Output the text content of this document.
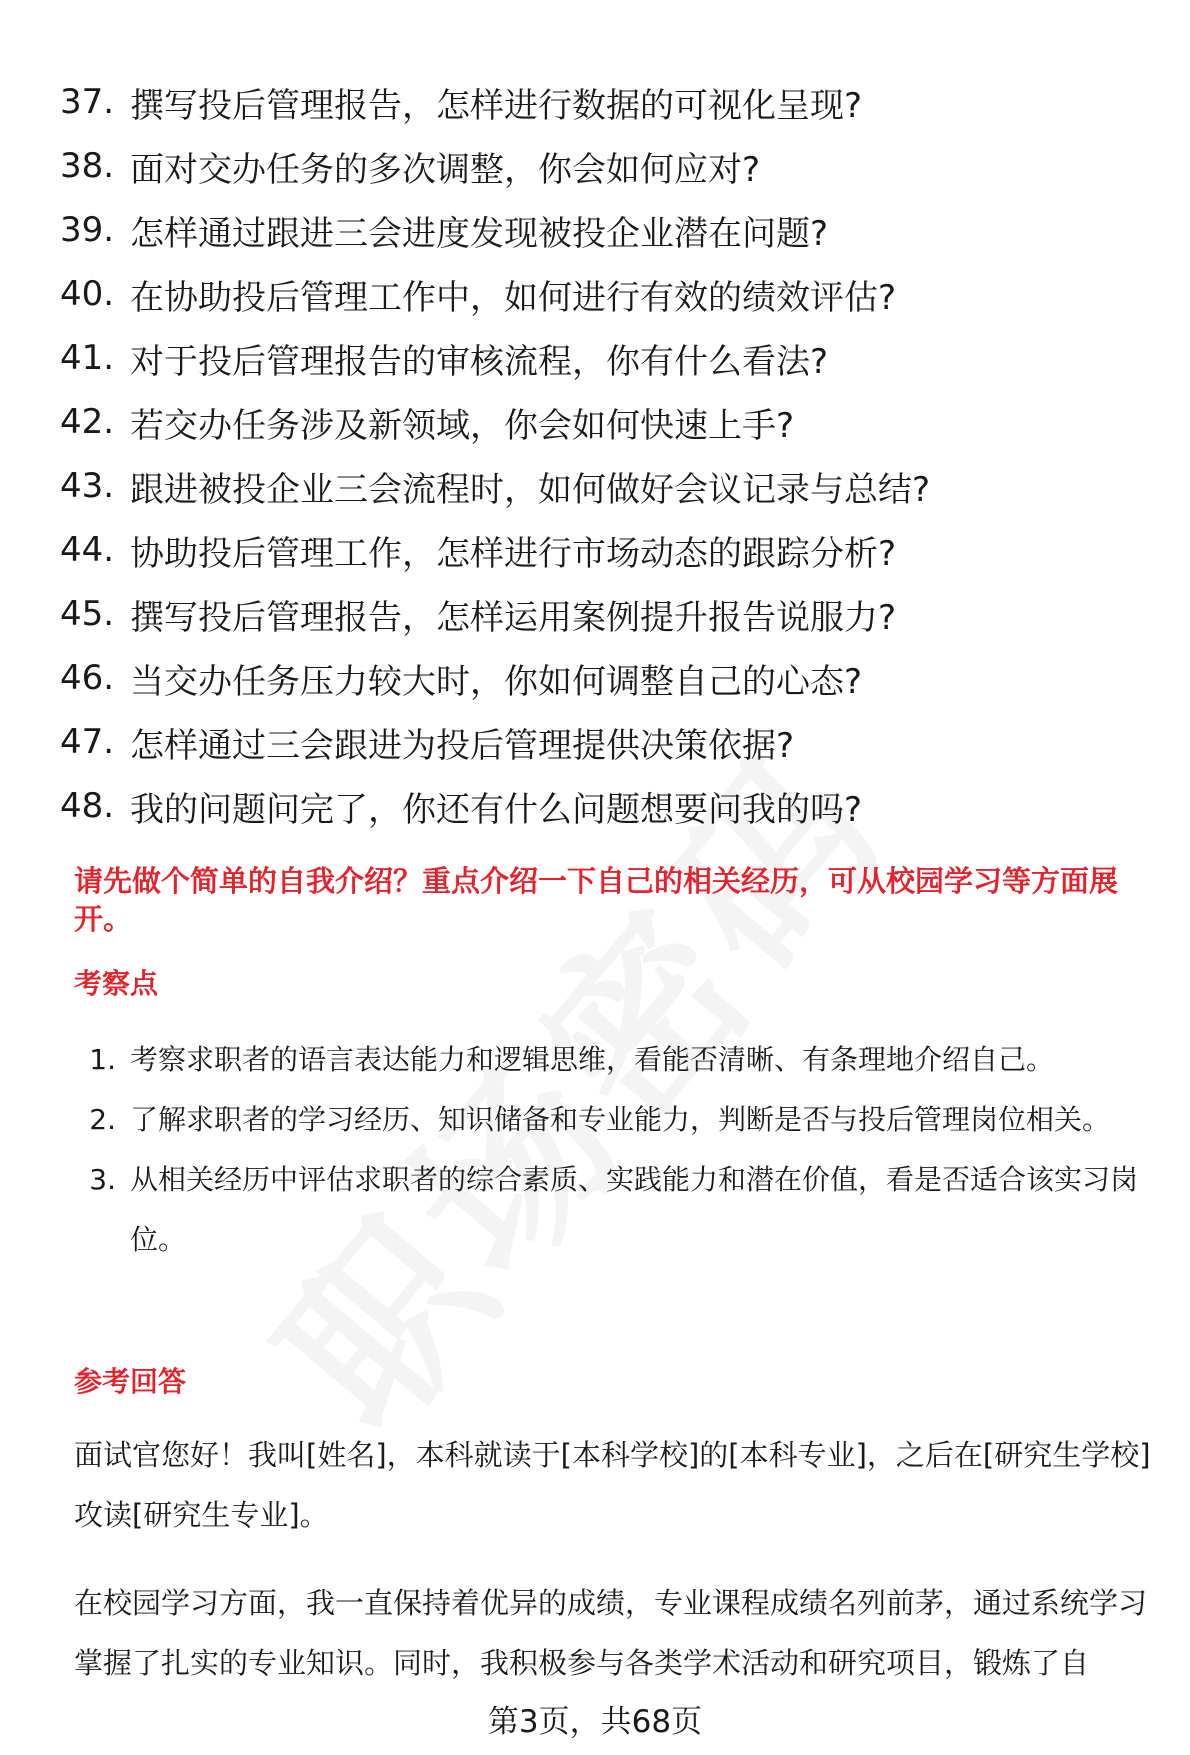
37. 撰写投后管理报告，怎样进行数据的可视化呈现?
38. 面对交办任务的多次调整，你会如何应对?
39. 怎样通过跟进三会进度发现被投企业潜在问题?
40. 在协助投后管理工作中，如何进行有效的绩效评估?
41. 对于投后管理报告的审核流程，你有什么看法?
42. 若交办任务涉及新领域，你会如何快速上手?
43. 跟进被投企业三会流程时，如何做好会议记录与总结?
44. 协助投后管理工作，怎样进行市场动态的跟踪分析?
45. 撰写投后管理报告，怎样运用案例提升报告说服力?
46. 当交办任务压力较大时，你如何调整自己的心态?
47. 怎样通过三会跟进为投后管理提供决策依据?
48. 我的问题问完了，你还有什么问题想要问我的吗?
请先做个简单的自我介绍？重点介绍一下自己的相关经历，可从校园学习等方面展开。
考察点
1. 考察求职者的语言表达能力和逻辑思维，看能否清晰、有条理地介绍自己。
2. 了解求职者的学习经历、知识储备和专业能力，判断是否与投后管理岗位相关。
3. 从相关经历中评估求职者的综合素质、实践能力和潜在价值，看是否适合该实习岗位。
参考回答
面试官您好！我叫[姓名]，本科就读于[本科学校]的[本科专业]，之后在[研究生学校]攻读[研究生专业]。
在校园学习方面，我一直保持着优异的成绩，专业课程成绩名列前茅，通过系统学习掌握了扎实的专业知识。同时，我积极参与各类学术活动和研究项目，锻炼了自
第3页，共68页
